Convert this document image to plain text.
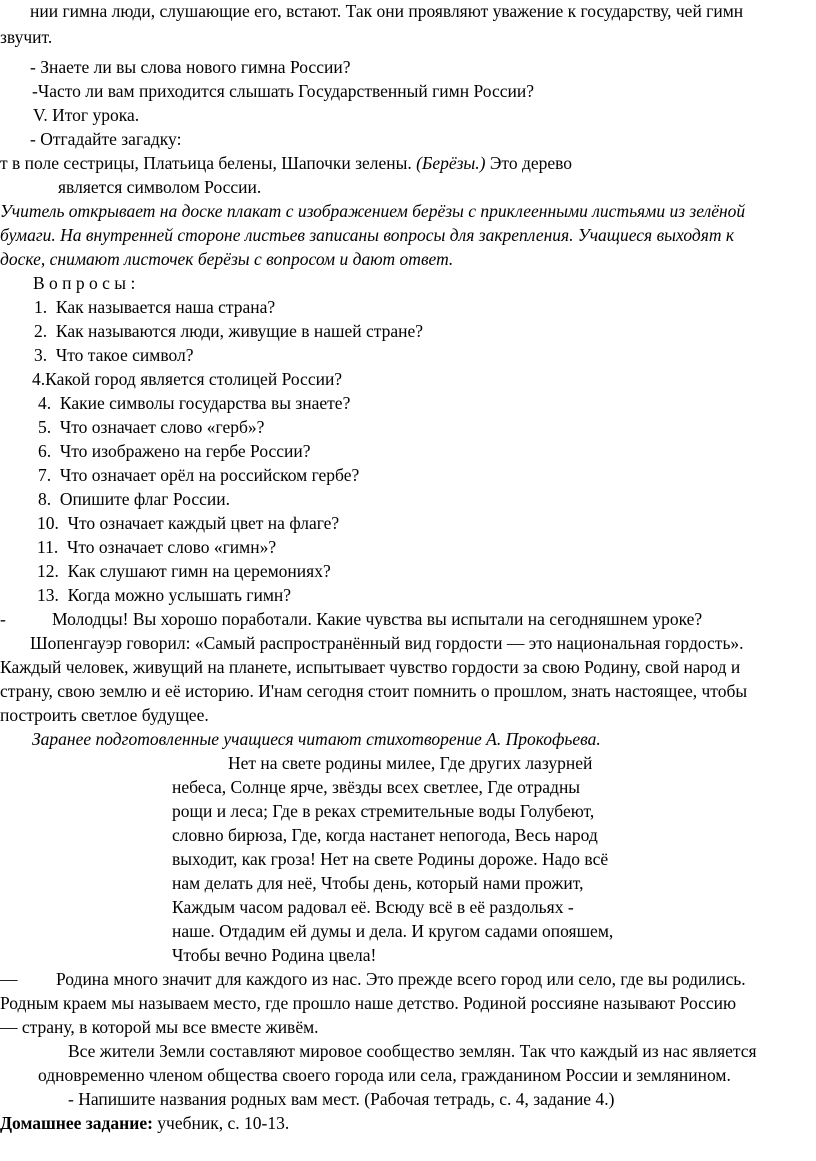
нии гимна люди, слушающие его, встают. Так они проявляют уважение к государству, чей гимн
звучит.
- Знаете ли вы слова нового гимна России?
-Часто ли вам приходится слышать Государственный гимн России?
V. Итог урока.
- Отгадайте загадку:
т в поле сестрицы, Платьица белены, Шапочки зелены. (Берёзы.) Это дерево
является символом России.
Учитель открывает на доске плакат с изображением берёзы с приклеенными листьями из зелёной
бумаги. На внутренней стороне листьев записаны вопросы для закрепления. Учащиеся выходят к
доске, снимают листочек берёзы с вопросом и дают ответ.
В о п р о с ы :
1. Как называется наша страна?
2. Как называются люди, живущие в нашей стране?
3. Что такое символ?
4.Какой город является столицей России?
4. Какие символы государства вы знаете?
5. Что означает слово «герб»?
6. Что изображено на гербе России?
7. Что означает орёл на российском гербе?
8. Опишите флаг России.
10. Что означает каждый цвет на флаге?
11. Что означает слово «гимн»?
12. Как слушают гимн на церемониях?
13. Когда можно услышать гимн?
-	Молодцы! Вы хорошо поработали. Какие чувства вы испытали на сегодняшнем уроке?
Шопенгауэр говорил: «Самый распространённый вид гордости — это национальная гордость».
Каждый человек, живущий на планете, испытывает чувство гордости за свою Родину, свой народ и
страну, свою землю и её историю. И'нам сегодня стоит помнить о прошлом, знать настоящее, чтобы
построить светлое будущее.
Заранее подготовленные учащиеся читают стихотворение А. Прокофьева.
Нет на свете родины милее, Где других лазурней
небеса, Солнце ярче, звёзды всех светлее, Где отрадны
рощи и леса; Где в реках стремительные воды Голубеют,
словно бирюза, Где, когда настанет непогода, Весь народ
выходит, как гроза! Нет на свете Родины дороже. Надо всё
нам делать для неё, Чтобы день, который нами прожит,
Каждым часом радовал её. Всюду всё в её раздольях -
наше. Отдадим ей думы и дела. И кругом садами опояшем,
Чтобы вечно Родина цвела!
— Родина много значит для каждого из нас. Это прежде всего город или село, где вы родились.
Родным краем мы называем место, где прошло наше детство. Родиной россияне называют Россию
— страну, в которой мы все вместе живём.
Все жители Земли составляют мировое сообщество землян. Так что каждый из нас является
одновременно членом общества своего города или села, гражданином России и землянином.
- Напишите названия родных вам мест. (Рабочая тетрадь, с. 4, задание 4.)
Домашнее задание: учебник, с. 10-13.
